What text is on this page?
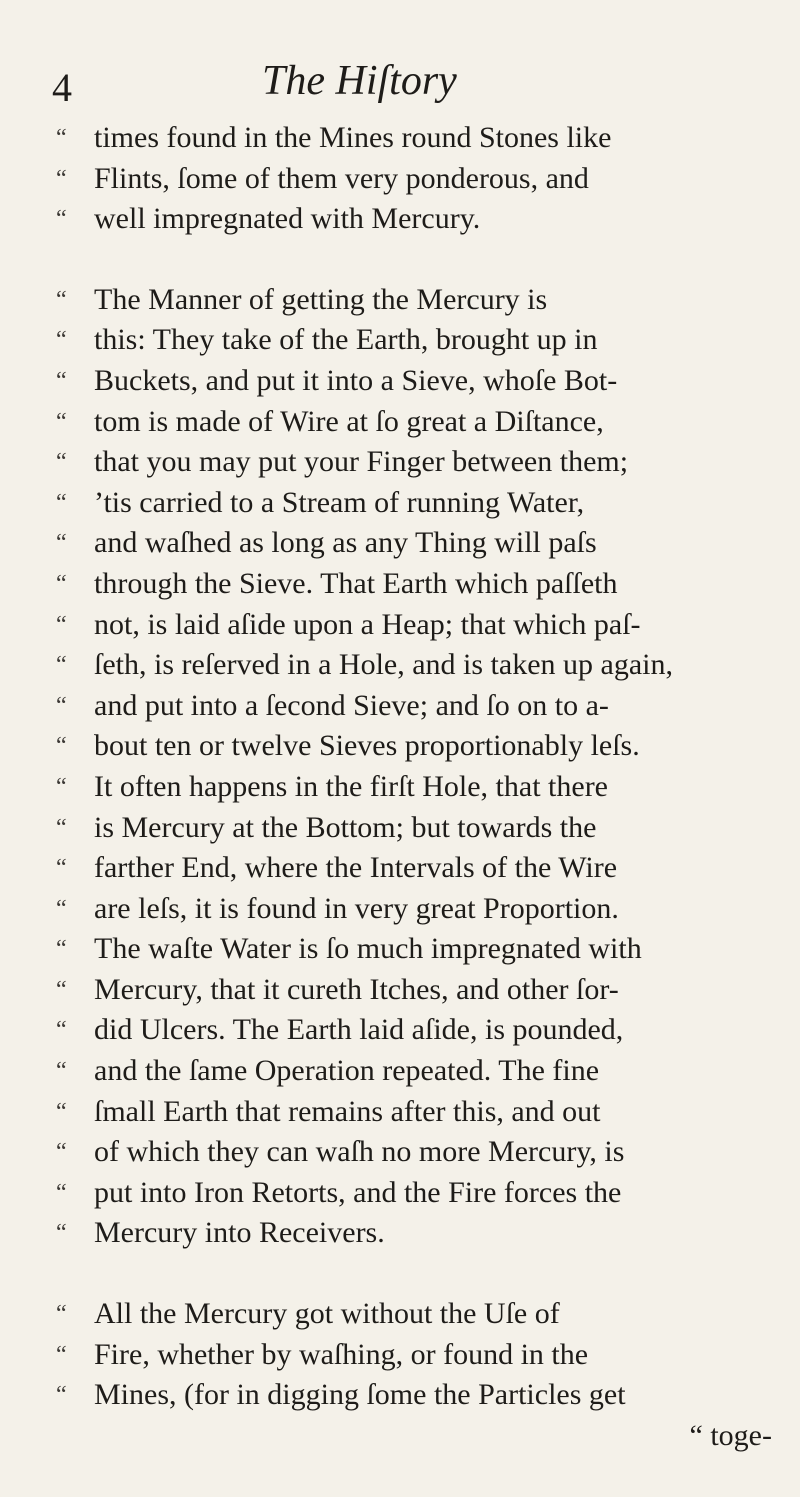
4	The Hiſtory
“ times found in the Mines round Stones like
“ Flints, ſome of them very ponderous, and
“ well impregnated with Mercury.
“ The Manner of getting the Mercury is
“ this: They take of the Earth, brought up in
“ Buckets, and put it into a Sieve, whoſe Bot-
“ tom is made of Wire at ſo great a Diſtance,
“ that you may put your Finger between them;
“ ’tis carried to a Stream of running Water,
“ and waſhed as long as any Thing will paſs
“ through the Sieve. That Earth which paſſeth
“ not, is laid aſide upon a Heap; that which paſ-
“ ſeth, is reſerved in a Hole, and is taken up again,
“ and put into a ſecond Sieve; and ſo on to a-
“ bout ten or twelve Sieves proportionably leſs.
“ It often happens in the firſt Hole, that there
“ is Mercury at the Bottom; but towards the
“ farther End, where the Intervals of the Wire
“ are leſs, it is found in very great Proportion.
“ The waſte Water is ſo much impregnated with
“ Mercury, that it cureth Itches, and other ſor-
“ did Ulcers. The Earth laid aſide, is pounded,
“ and the ſame Operation repeated. The fine
“ ſmall Earth that remains after this, and out
“ of which they can waſh no more Mercury, is
“ put into Iron Retorts, and the Fire forces the
“ Mercury into Receivers.
“ All the Mercury got without the Uſe of
“ Fire, whether by waſhing, or found in the
“ Mines, (for in digging ſome the Particles get
“ toge-
